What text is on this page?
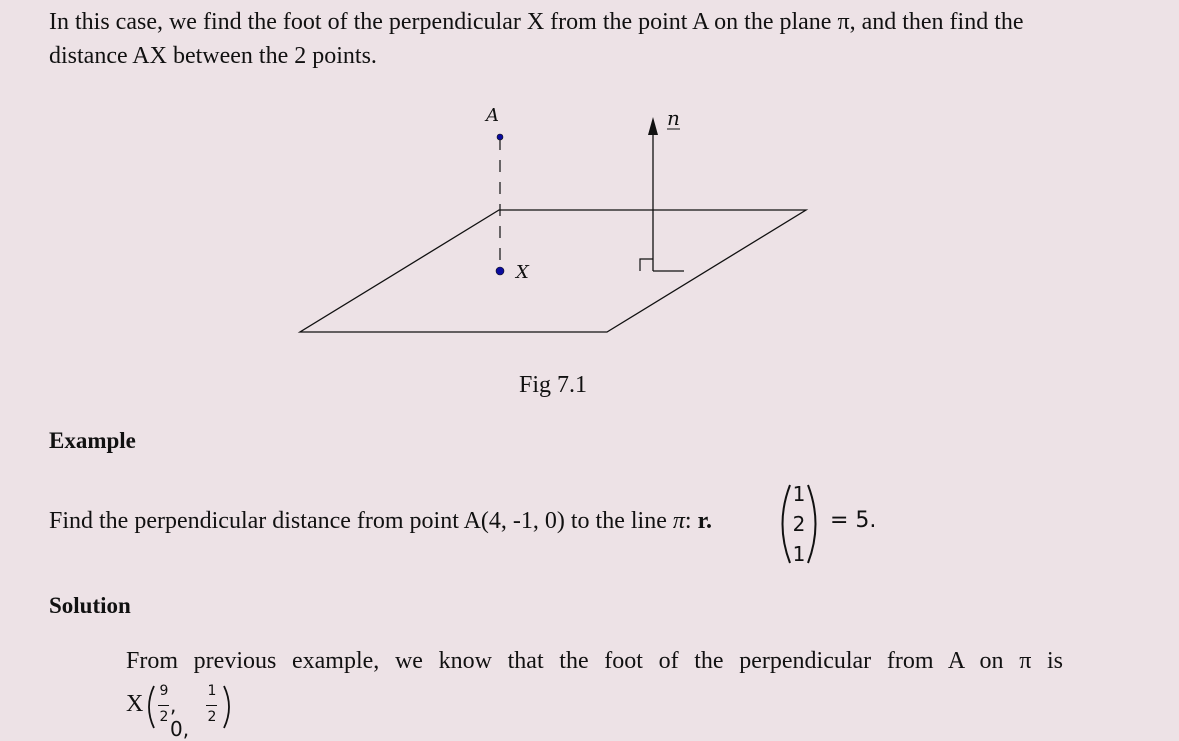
In this case, we find the foot of the perpendicular X from the point A on the plane π, and then find the distance AX between the 2 points.

A
X
n
Fig 7.1
Example
Find the perpendicular distance from point A(4, -1, 0) to the line π: r.
1
2
1
= 5.
Solution
From previous example, we know that the foot of the perpendicular from A on π is
X 9
2 , 0,
1
2
